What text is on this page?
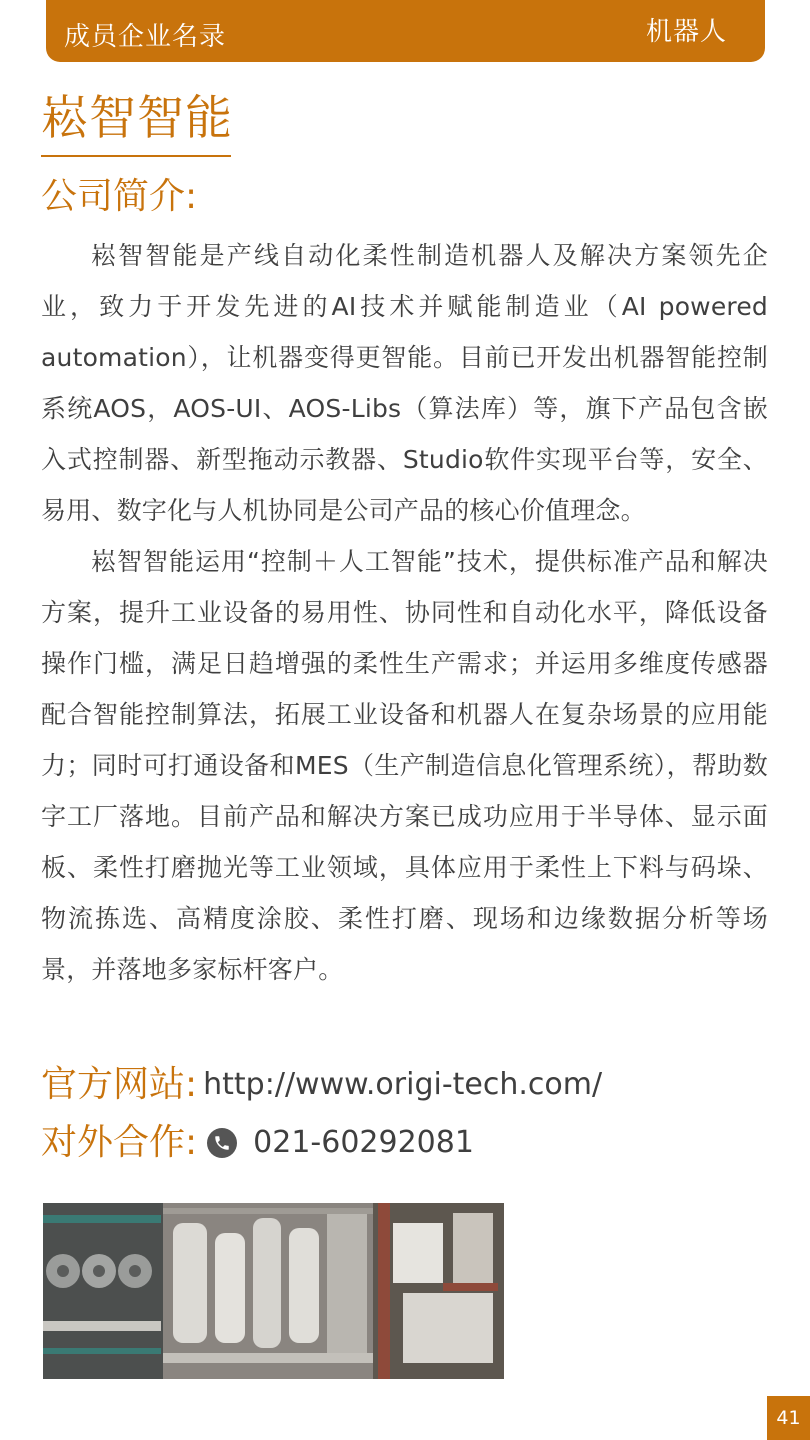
成员企业名录	机器人
崧智智能
公司简介:

崧智智能是产线自动化柔性制造机器人及解决方案领先企业，致力于开发先进的AI技术并赋能制造业（AI powered automation），让机器变得更智能。目前已开发出机器智能控制系统AOS，AOS-UI、AOS-Libs（算法库）等，旗下产品包含嵌入式控制器、新型拖动示教器、Studio软件实现平台等，安全、易用、数字化与人机协同是公司产品的核心价值理念。

崧智智能运用“控制＋人工智能”技术，提供标准产品和解决方案，提升工业设备的易用性、协同性和自动化水平，降低设备操作门槛，满足日趋增强的柔性生产需求；并运用多维度传感器配合智能控制算法，拓展工业设备和机器人在复杂场景的应用能力；同时可打通设备和MES（生产制造信息化管理系统），帮助数字工厂落地。目前产品和解决方案已成功应用于半导体、显示面板、柔性打磨抛光等工业领域，具体应用于柔性上下料与码垛、物流拣选、高精度涂胶、柔性打磨、现场和边缘数据分析等场景，并落地多家标杆客户。

官方网站: http://www.origi-tech.com/
对外合作: 021-60292081
41
